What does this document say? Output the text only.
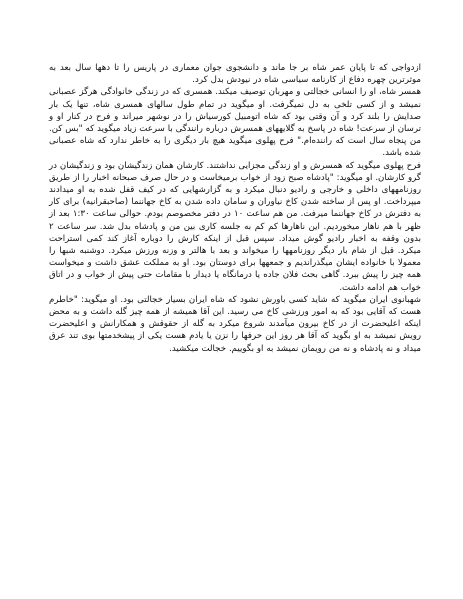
ازدواجی که تا پایان عمر شاه بر جا ماند و دانشجوی جوان معماری در پاریس را تا دهها سال بعد به موثرترین چهره دفاع از کارنامه سیاسی شاه در نیودش بدل کرد.

همسر شاه، او را انسانی خجالتی و مهربان توصیف میکند. همسری که در زندگی خانوادگی هرگز عصبانی نمیشد و از کسی تلخی به دل نمیگرفت. او میگوید در تمام طول سالهای همسری شاه، تنها یک بار صدایش را بلند کرد و آن وقتی بود که شاه اتومبیل کورسیاش را در نوشهر میراند و فرح در کنار او و ترسان از سرعت! شاه در پاسخ به گلایههای همسرش درباره رانندگی با سرعت زیاد میگوید که "بس کن. من پنجاه سال است که راننده‌ام." فرح پهلوی میگوید هیچ بار دیگری را به خاطر ندارد که شاه عصبانی شده باشد.

فرح پهلوی میگوید که همسرش و او زندگی مجزایی نداشتند. کارشان همان زندگیشان بود و زندگیشان در گرو کارشان. او میگوید: "پادشاه صبح زود از خواب برمیخاست و در حال صرف صبحانه اخبار را از طریق روزنامههای داخلی و خارجی و رادیو دنبال میکرد و به گزارشهایی که در کیف قفل شده به او میدادند میپرداخت. او پس از ساخته شدن کاخ نیاوران و سامان داده شدن به کاخ جهاننما (صاحبقرانیه) برای کار به دفترش در کاخ جهاننما میرفت. من هم ساعت ۱۰ در دفتر مخصوصم بودم. حوالی ساعت ۱:۳۰ بعد از ظهر با هم ناهار میخوردیم. این ناهارها کم کم به جلسه کاری بین من و پادشاه بدل شد. سر ساعت ۲ بدون وقفه به اخبار رادیو گوش میداد. سپس قبل از اینکه کارش را دوباره آغاز کند کمی استراحت میکرد. قبل از شام بار دیگر روزنامهها را میخواند و بعد با هالتر و وزنه ورزش میکرد. دوشنبه شبها را معمولا با خانواده ایشان میگذراندیم و جمعهها برای دوستان بود. او به مملکت عشق داشت و میخواست همه چیز را پیش ببرد. گاهی بحث فلان جاده یا درمانگاه یا دیدار با مقامات حتی پیش از خواب و در اتاق خواب هم ادامه داشت.

شهبانوی ایران میگوید که شاید کسی باورش نشود که شاه ایران بسیار خجالتی بود. او میگوید: "خاطرم هست که آقایی بود که به امور ورزشی کاخ می رسید. این آقا همیشه از همه چیز گله داشت و به محض اینکه اعلیحضرت از در کاخ بیرون میآمدند شروع میکرد به گله از حقوقش و همکارانش و اعلیحضرت رویش نمیشد به او بگوید که آقا هر روز این حرفها را نزن یا یادم هست یکی از پیشخدمتها بوی تند عرق میداد و نه پادشاه و نه من رویمان نمیشد به او بگوییم. خجالت میکشید.
